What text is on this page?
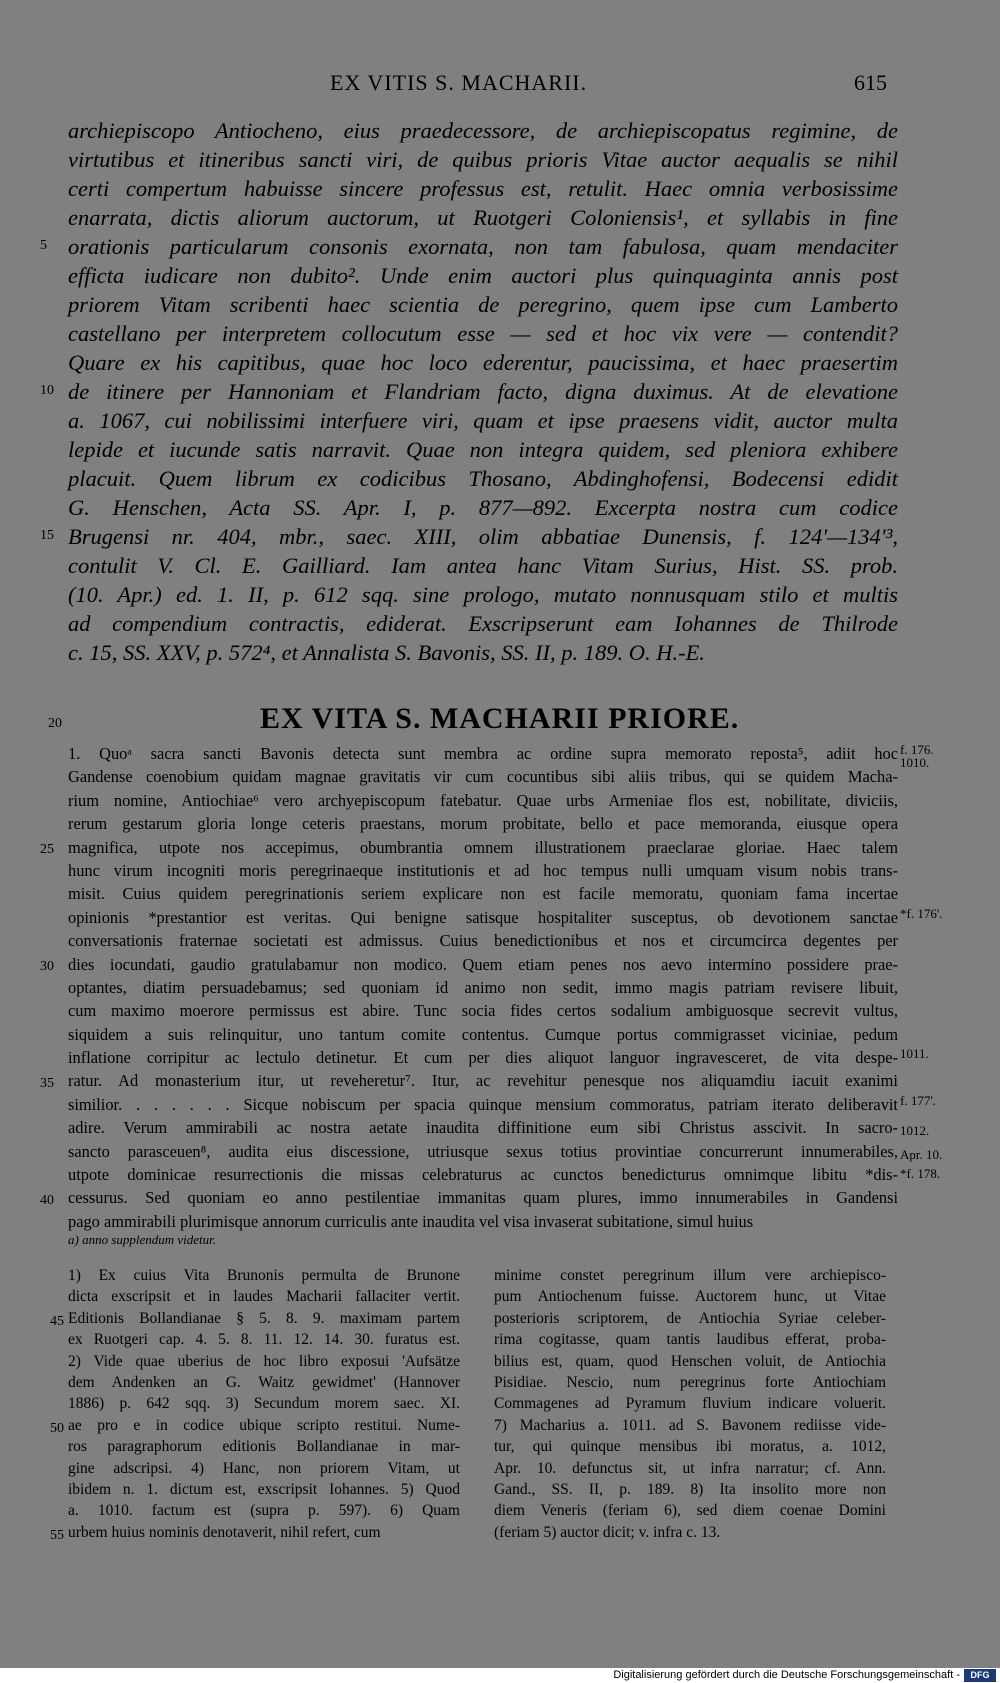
EX VITIS S. MACHARII.	615
archiepiscopo Antiocheno, eius praedecessore, de archiepiscopatus regimine, de
virtutibus et itineribus sancti viri, de quibus prioris Vitae auctor aequalis se nihil
certi compertum habuisse sincere professus est, retulit. Haec omnia verbosissime
enarrata, dictis aliorum auctorum, ut Ruotgeri Coloniensis¹, et syllabis in fine
orationis particularum consonis exornata, non tam fabulosa, quam mendaciter
efficta iudicare non dubito². Unde enim auctori plus quinquaginta annis post
priorem Vitam scribenti haec scientia de peregrino, quem ipse cum Lamberto
castellano per interpretem collocutum esse — sed et hoc vix vere — contendit?
Quare ex his capitibus, quae hoc loco ederentur, paucissima, et haec praesertim
de itinere per Hannoniam et Flandriam facto, digna duximus. At de elevatione
a. 1067, cui nobilissimi interfuere viri, quam et ipse praesens vidit, auctor multa
lepide et iucunde satis narravit. Quae non integra quidem, sed pleniora exhibere
placuit. Quem librum ex codicibus Thosano, Abdinghofensi, Bodecensi edidit
G. Henschen, Acta SS. Apr. I, p. 877—892. Excerpta nostra cum codice
Brugensi nr. 404, mbr., saec. XIII, olim abbatiae Dunensis, f. 124'—134'³,
contulit V. Cl. E. Gailliard. Iam antea hanc Vitam Surius, Hist. SS. prob.
(10. Apr.) ed. 1. II, p. 612 sqq. sine prologo, mutato nonnusquam stilo et multis
ad compendium contractis, ediderat. Exscripserunt eam Iohannes de Thilrode
c. 15, SS. XXV, p. 572⁴, et Annalista S. Bavonis, SS. II, p. 189. O. H.-E.
5
10
15
20	EX VITA S. MACHARII PRIORE.
1. Quoᵃ sacra sancti Bavonis detecta sunt membra ac ordine supra memorato reposta⁵, adiit hoc
Gandense coenobium quidam magnae gravitatis vir cum cocuntibus sibi aliis tribus, qui se quidem Macha-
rium nomine, Antiochiae⁶ vero archyepiscopum fatebatur. Quae urbs Armeniae flos est, nobilitate, diviciis,
rerum gestarum gloria longe ceteris praestans, morum probitate, bello et pace memoranda, eiusque opera
magnifica, utpote nos accepimus, obumbrantia omnem illustrationem praeclarae gloriae. Haec talem
hunc virum incogniti moris peregrinaeque institutionis et ad hoc tempus nulli umquam visum nobis trans-
misit. Cuius quidem peregrinationis seriem explicare non est facile memoratu, quoniam fama incertae
opinionis *prestantior est veritas. Qui benigne satisque hospitaliter susceptus, ob devotionem sanctae
conversationis fraternae societati est admissus. Cuius benedictionibus et nos et circumcirca degentes per
dies iocundati, gaudio gratulabamur non modico. Quem etiam penes nos aevo intermino possidere prae-
optantes, diatim persuadebamus; sed quoniam id animo non sedit, immo magis patriam revisere libuit,
cum maximo moerore permissus est abire. Tunc socia fides certos sodalium ambiguosque secrevit vultus,
siquidem a suis relinquitur, uno tantum comite contentus. Cumque portus commigrasset viciniae, pedum
inflatione corripitur ac lectulo detinetur. Et cum per dies aliquot languor ingravesceret, de vita despe-
ratur. Ad monasterium itur, ut reveheretur⁷. Itur, ac revehitur penesque nos aliquamdiu iacuit exanimi
similior. . . . . . . Sicque nobiscum per spacia quinque mensium commoratus, patriam iterato deliberavit
adire. Verum ammirabili ac nostra aetate inaudita diffinitione eum sibi Christus asscivit. In sacro-
sancto parasceuen⁸, audita eius discessione, utriusque sexus totius provintiae concurrerunt innumerabiles,
utpote dominicae resurrectionis die missas celebraturus ac cunctos benedicturus omnimque libitu *dis-
cessurus. Sed quoniam eo anno pestilentiae immanitas quam plures, immo innumerabiles in Gandensi
pago ammirabili plurimisque annorum curriculis ante inaudita vel visa invaserat subitatione, simul huius
25
30
35
40
f. 176.
1010.
*f. 176'.
1011.
f. 177'.
1012.
Apr. 10.
*f. 178.
a) anno supplendum videtur.
1) Ex cuius Vita Brunonis permulta de Brunone
dicta exscripsit et in laudes Macharii fallaciter vertit.
Editionis Bollandianae § 5. 8. 9. maximam partem
ex Ruotgeri cap. 4. 5. 8. 11. 12. 14. 30. furatus est.
2) Vide quae uberius de hoc libro exposui 'Aufsätze
dem Andenken an G. Waitz gewidmet' (Hannover
1886) p. 642 sqq. 3) Secundum morem saec. XI.
ae pro e in codice ubique scripto restitui. Nume-
ros paragraphorum editionis Bollandianae in mar-
gine adscripsi. 4) Hanc, non priorem Vitam, ut
ibidem n. 1. dictum est, exscripsit Iohannes. 5) Quod
a. 1010. factum est (supra p. 597). 6) Quam
urbem huius nominis denotaverit, nihil refert, cum
minime constet peregrinum illum vere archiepisco-
pum Antiochenum fuisse. Auctorem hunc, ut Vitae
posterioris scriptorem, de Antiochia Syriae celeber-
rima cogitasse, quam tantis laudibus efferat, proba-
bilius est, quam, quod Henschen voluit, de Antiochia
Pisidiae. Nescio, num peregrinus forte Antiochiam
Commagenes ad Pyramum fluvium indicare voluerit.
7) Macharius a. 1011. ad S. Bavonem rediisse vide-
tur, qui quinque mensibus ibi moratus, a. 1012,
Apr. 10. defunctus sit, ut infra narratur; cf. Ann.
Gand., SS. II, p. 189. 8) Ita insolito more non
diem Veneris (feriam 6), sed diem coenae Domini
(feriam 5) auctor dicit; v. infra c. 13.
45
50
55
Digitalisierung gefördert durch die Deutsche Forschungsgemeinschaft -	DFG
